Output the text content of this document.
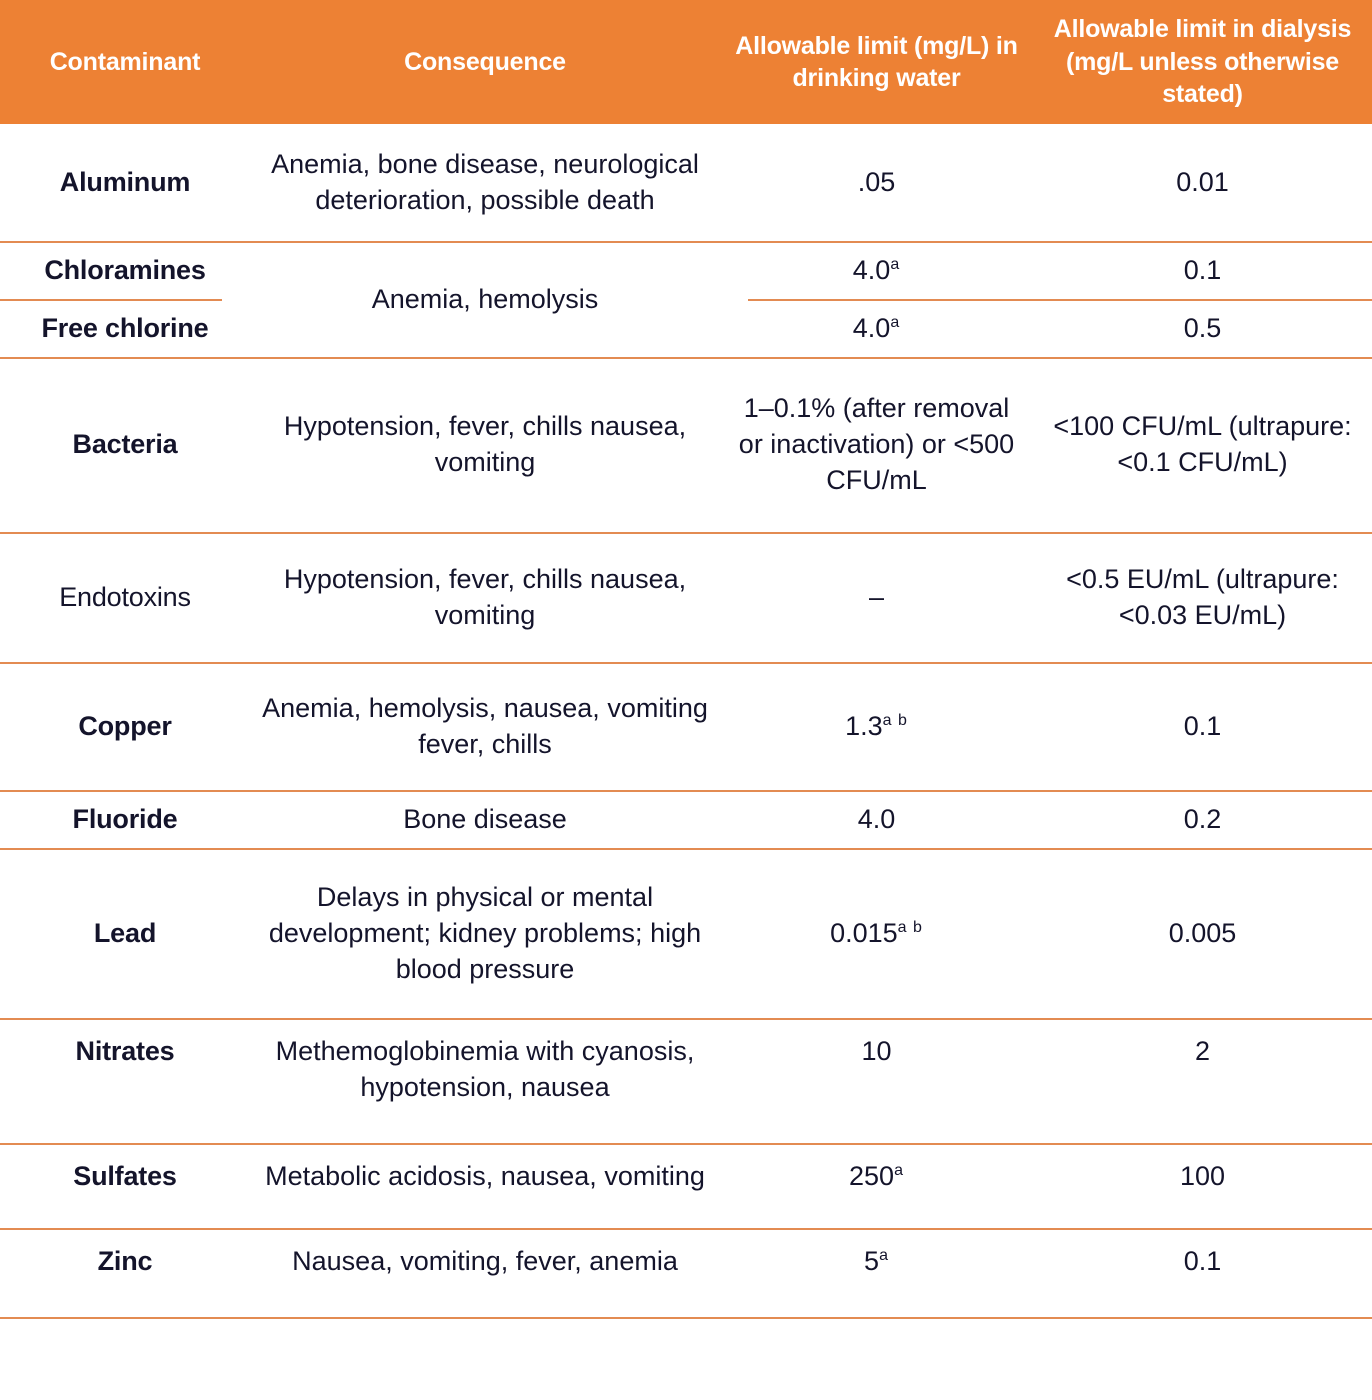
Contaminant	Consequence	Allowable limit (mg/L) in drinking water	Allowable limit in dialysis (mg/L unless otherwise stated)
Aluminum	Anemia, bone disease, neurological deterioration, possible death	.05	0.01
Chloramines	Anemia, hemolysis	4.0$^a$	0.1
Free chlorine		4.0$^a$	0.5
Bacteria	Hypotension, fever, chills nausea, vomiting	1–0.1% (after removal or inactivation) or <500 CFU/mL	<100 CFU/mL (ultrapure: <0.1 CFU/mL)
Endotoxins	Hypotension, fever, chills nausea, vomiting	–	<0.5 EU/mL (ultrapure: <0.03 EU/mL)
Copper	Anemia, hemolysis, nausea, vomiting fever, chills	$1.3^{a b}$	0.1
Fluoride	Bone disease	4.0	0.2
Lead	Delays in physical or mental development; kidney problems; high blood pressure	$0.015^{a b}$	0.005
Nitrates	Methemoglobinemia with cyanosis, hypotension, nausea	10	2
Sulfates	Metabolic acidosis, nausea, vomiting	250$^a$	100
Zinc	Nausea, vomiting, fever, anemia	5$^a$	0.1
